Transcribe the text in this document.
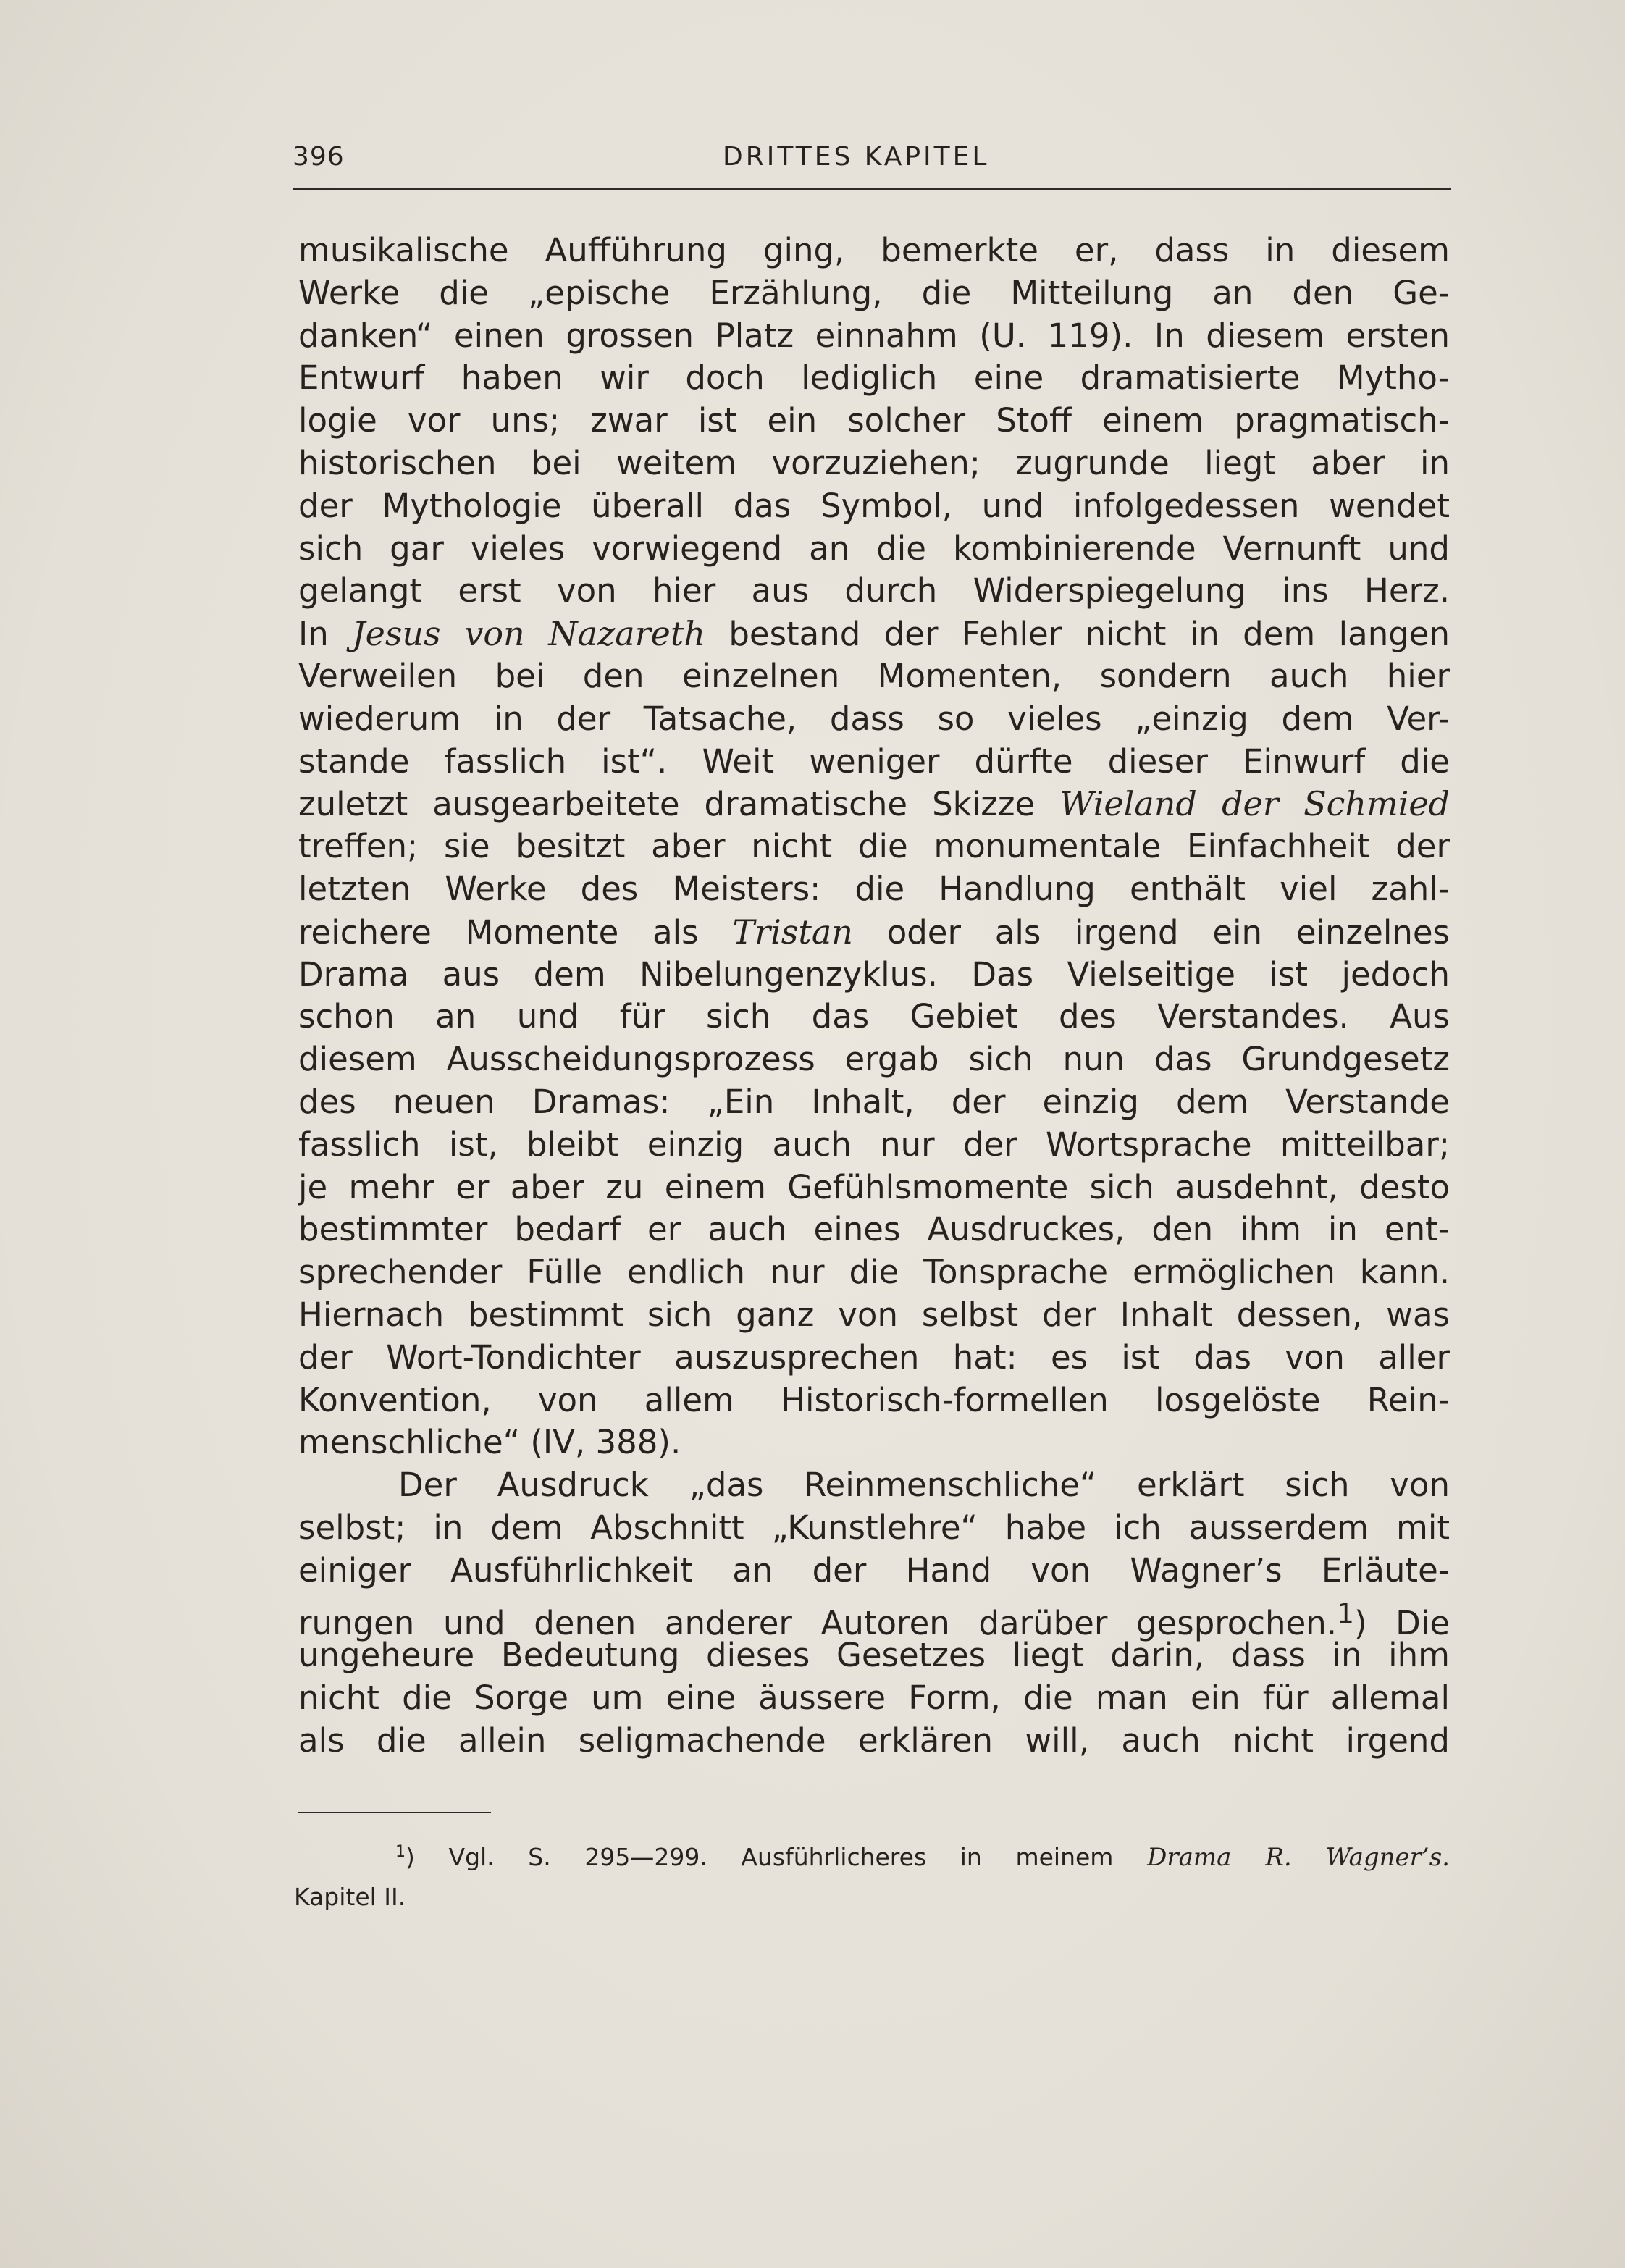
396	DRITTES KAPITEL
musikalische Aufführung ging, bemerkte er, dass in diesem
Werke die „epische Erzählung, die Mitteilung an den Ge-
danken“ einen grossen Platz einnahm (U. 119). In diesem ersten
Entwurf haben wir doch lediglich eine dramatisierte Mytho-
logie vor uns; zwar ist ein solcher Stoff einem pragmatisch-
historischen bei weitem vorzuziehen; zugrunde liegt aber in
der Mythologie überall das Symbol, und infolgedessen wendet
sich gar vieles vorwiegend an die kombinierende Vernunft und
gelangt erst von hier aus durch Widerspiegelung ins Herz.
In Jesus von Nazareth bestand der Fehler nicht in dem langen
Verweilen bei den einzelnen Momenten, sondern auch hier
wiederum in der Tatsache, dass so vieles „einzig dem Ver-
stande fasslich ist“. Weit weniger dürfte dieser Einwurf die
zuletzt ausgearbeitete dramatische Skizze Wieland der Schmied
treffen; sie besitzt aber nicht die monumentale Einfachheit der
letzten Werke des Meisters: die Handlung enthält viel zahl-
reichere Momente als Tristan oder als irgend ein einzelnes
Drama aus dem Nibelungenzyklus. Das Vielseitige ist jedoch
schon an und für sich das Gebiet des Verstandes. Aus
diesem Ausscheidungsprozess ergab sich nun das Grundgesetz
des neuen Dramas: „Ein Inhalt, der einzig dem Verstande
fasslich ist, bleibt einzig auch nur der Wortsprache mitteilbar;
je mehr er aber zu einem Gefühlsmomente sich ausdehnt, desto
bestimmter bedarf er auch eines Ausdruckes, den ihm in ent-
sprechender Fülle endlich nur die Tonsprache ermöglichen kann.
Hiernach bestimmt sich ganz von selbst der Inhalt dessen, was
der Wort-Tondichter auszusprechen hat: es ist das von aller
Konvention, von allem Historisch-formellen losgelöste Rein-
menschliche“ (IV, 388).
Der Ausdruck „das Reinmenschliche“ erklärt sich von
selbst; in dem Abschnitt „Kunstlehre“ habe ich ausserdem mit
einiger Ausführlichkeit an der Hand von Wagner’s Erläute-
rungen und denen anderer Autoren darüber gesprochen.$^1$) Die
ungeheure Bedeutung dieses Gesetzes liegt darin, dass in ihm
nicht die Sorge um eine äussere Form, die man ein für allemal
als die allein seligmachende erklären will, auch nicht irgend
$^1$) Vgl. S. 295—299. Ausführlicheres in meinem Drama R. Wagner’s.
Kapitel II.
